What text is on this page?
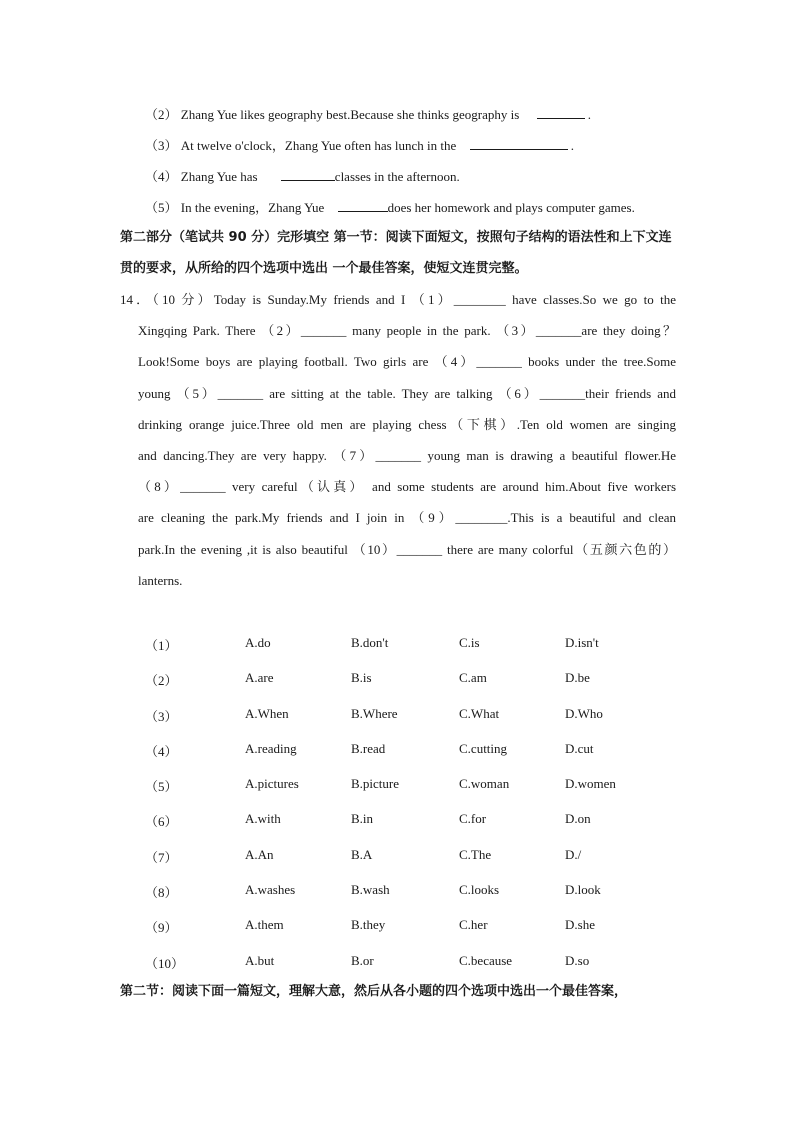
（2） Zhang Yue likes geography best.Because she thinks geography is	.
（3） At twelve o'clock，Zhang Yue often has lunch in the	.
（4） Zhang Yue has	classes in the afternoon.
（5） In the evening，Zhang Yue	does her homework and plays computer games.
第二部分（笔试共 90 分）完形填空 第一节：阅读下面短文，按照句子结构的语法性和上下文连贯的要求，从所给的四个选项中选出 一个最佳答案，使短文连贯完整。
14．（10 分）Today is Sunday.My friends and I （1）________ have classes.So we go to the
Xingqing Park. There （2）_______ many people in the park. （3）_______are they doing？
Look!Some boys are playing football. Two girls are （4）_______ books under the tree.Some
young （5）_______ are sitting at the table. They are talking （6）_______their friends and
drinking orange juice.Three old men are playing chess（下棋）.Ten old women are singing
and dancing.They are very happy. （7）_______ young man is drawing a beautiful flower.He
（8）_______ very careful（认真） and some students are around him.About five workers
are cleaning the park.My friends and I join in （9）________.This is a beautiful and clean
park.In the evening ,it is also beautiful （10）_______ there are many colorful（五颜六色的）
lanterns.
（1）	A.do	B.don't	C.is	D.isn't
（2）	A.are	B.is	C.am	D.be
（3）	A.When	B.Where	C.What	D.Who
（4）	A.reading	B.read	C.cutting	D.cut
（5）	A.pictures	B.picture	C.woman	D.women
（6）	A.with	B.in	C.for	D.on
（7）	A.An	B.A	C.The	D./
（8）	A.washes	B.wash	C.looks	D.look
（9）	A.them	B.they	C.her	D.she
（10）	A.but	B.or	C.because	D.so
第二节：阅读下面一篇短文，理解大意，然后从各小题的四个选项中选出一个最佳答案，
